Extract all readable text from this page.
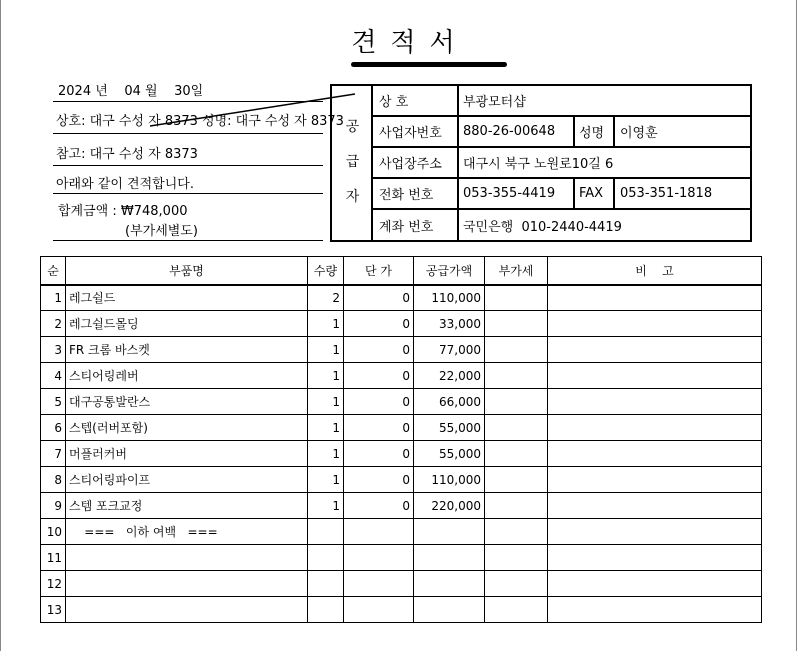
견적서
2024 년 04 월 30일
상호: 대구 수성 자 8373 성명: 대구 수성 자 8373
참고: 대구 수성 자 8373
아래와 같이 견적합니다.
합계금액 : ₩748,000
(부가세별도)
공
급
자
상 호	부광모터샵
사업자번호	880-26-00648	성명	이영훈
사업장주소	대구시 북구 노원로10길 6
전화 번호	053-355-4419	FAX	053-351-1818
계좌 번호	국민은행  010-2440-4419
순	부품명	수량	단 가	공급가액	부가세	비    고
1	레그쉴드	2	0	110,000		
2	레그쉴드몰딩	1	0	33,000		
3	FR 크롬 바스켓	1	0	77,000		
4	스티어링레버	1	0	22,000		
5	대구공통발란스	1	0	66,000		
6	스텝(러버포함)	1	0	55,000		
7	머플러커버	1	0	55,000		
8	스티어링파이프	1	0	110,000		
9	스템 포크교정	1	0	220,000		
10	===   이하 여백   ===					
11						
12						
13						
